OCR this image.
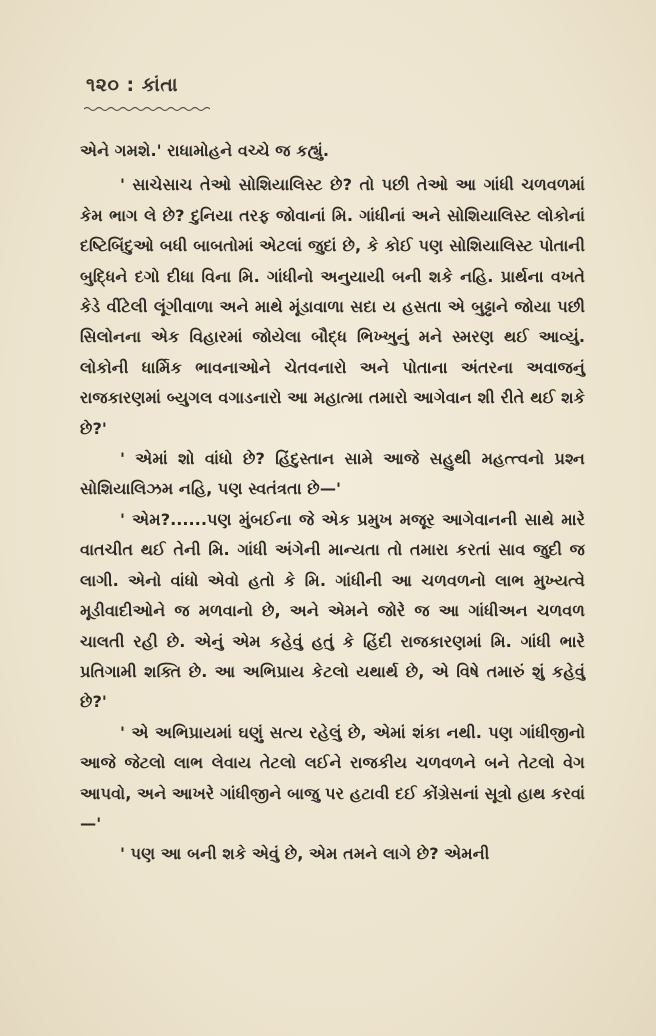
૧૨૦ : કાંતા

એને ગમશે.' રાધામોહને વચ્ચે જ કહ્યું.

' સાચેસાચ તેઓ સોશિયાલિસ્ટ છે? તો પછી તેઓ આ ગાંધી ચળવળમાં કેમ ભાગ લે છે? દુનિયા તરફ જોવાનાં મિ. ગાંધીનાં અને સોશિયાલિસ્ટ લોકોનાં દષ્ટિબિંદુઓ બધી બાબતોમાં એટલાં જુદાં છે, કે કોઈ પણ સોશિયાલિસ્ટ પોતાની બુદ્ધિને દગો દીધા વિના મિ. ગાંધીનો અનુયાયી બની શકે નહિ. પ્રાર્થના વખતે કેડે વીંટેલી લૂંગીવાળા અને માથે મૂંડાવાળા સદા ય હસતા એ બુઢ્ઢાને જોયા પછી સિલોનના એક વિહારમાં જોયેલા બૌદ્ધ ભિખ્ખુનું મને સ્મરણ થઈ આવ્યું. લોકોની ધાર્મિક ભાવનાઓને ચેતવનારો અને પોતાના અંતરના અવાજનું રાજકારણમાં બ્યુગલ વગાડનારો આ મહાત્મા તમારો આગેવાન શી રીતે થઈ શકે છે?'

' એમાં શો વાંધો છે? હિંદુસ્તાન સામે આજે સહુથી મહત્ત્વનો પ્રશ્ન સોશિયાલિઝમ નહિ, પણ સ્વતંત્રતા છે—'

' એમ?......પણ મુંબઈના જે એક પ્રમુખ મજૂર આગેવાનની સાથે મારે વાતચીત થઈ તેની મિ. ગાંધી અંગેની માન્યતા તો તમારા કરતાં સાવ જુદી જ લાગી. એનો વાંધો એવો હતો કે મિ. ગાંધીની આ ચળવળનો લાભ મુખ્યત્વે મૂડીવાદીઓને જ મળવાનો છે, અને એમને જોરે જ આ ગાંધીઅન ચળવળ ચાલતી રહી છે. એનું એમ કહેવું હતું કે હિંદી રાજકારણમાં મિ. ગાંધી ભારે પ્રતિગામી શક્તિ છે. આ અભિપ્રાય કેટલો યથાર્થ છે, એ વિષે તમારું શું કહેવું છે?'

' એ અભિપ્રાયમાં ઘણું સત્ય રહેલું છે, એમાં શંકા નથી. પણ ગાંધીજીનો આજે જેટલો લાભ લેવાય તેટલો લઈને રાજકીય ચળવળને બને તેટલો વેગ આપવો, અને આખરે ગાંધીજીને બાજુ પર હટાવી દઈ કોંગ્રેસનાં સૂત્રો હાથ કરવાં—'

' પણ આ બની શકે એવું છે, એમ તમને લાગે છે? એમની
